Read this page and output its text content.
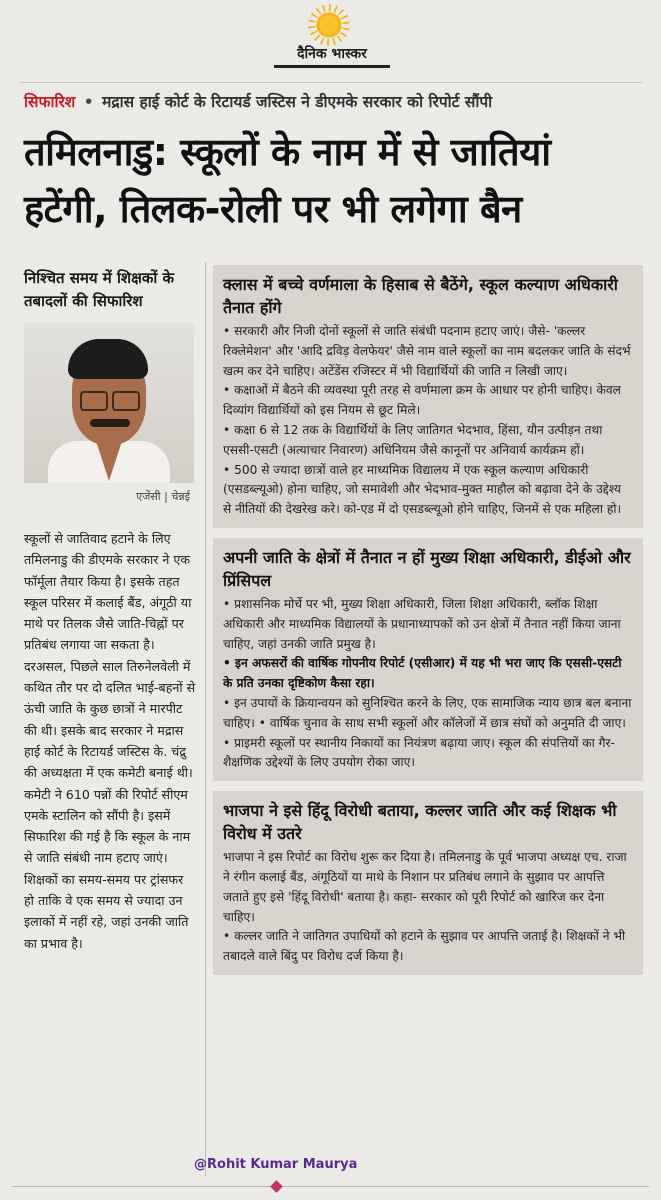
दैनिक भास्कर
सिफारिश • मद्रास हाई कोर्ट के रिटायर्ड जस्टिस ने डीएमके सरकार को रिपोर्ट सौंपी
तमिलनाडु: स्कूलों के नाम में से जातियां
हटेंगी, तिलक-रोली पर भी लगेगा बैन
निश्चित समय में शिक्षकों के तबादलों की सिफारिश
एजेंसी | चेन्नई
स्कूलों से जातिवाद हटाने के लिए तमिलनाडु की डीएमके सरकार ने एक फॉर्मूला तैयार किया है। इसके तहत स्कूल परिसर में कलाई बैंड, अंगूठी या माथे पर तिलक जैसे जाति-चिह्नों पर प्रतिबंध लगाया जा सकता है। दरअसल, पिछले साल तिरुनेलवेली में कथित तौर पर दो दलित भाई-बहनों से ऊंची जाति के कुछ छात्रों ने मारपीट की थी। इसके बाद सरकार ने मद्रास हाई कोर्ट के रिटायर्ड जस्टिस के. चंद्रु की अध्यक्षता में एक कमेटी बनाई थी। कमेटी ने 610 पन्नों की रिपोर्ट सीएम एमके स्टालिन को सौंपी है। इसमें सिफारिश की गई है कि स्कूल के नाम से जाति संबंधी नाम हटाए जाएं। शिक्षकों का समय-समय पर ट्रांसफर हो ताकि वे एक समय से ज्यादा उन इलाकों में नहीं रहे, जहां उनकी जाति का प्रभाव है।
क्लास में बच्चे वर्णमाला के हिसाब से बैठेंगे, स्कूल कल्याण अधिकारी तैनात होंगे

• सरकारी और निजी दोनों स्कूलों से जाति संबंधी पदनाम हटाए जाएं। जैसे- 'कल्लर रिक्लेमेशन' और 'आदि द्रविड़ वेलफेयर' जैसे नाम वाले स्कूलों का नाम बदलकर जाति के संदर्भ खत्म कर देने चाहिए। अटेंडेंस रजिस्टर में भी विद्यार्थियों की जाति न लिखी जाए।

• कक्षाओं में बैठने की व्यवस्था पूरी तरह से वर्णमाला क्रम के आधार पर होनी चाहिए। केवल दिव्यांग विद्यार्थियों को इस नियम से छूट मिले।

• कक्षा 6 से 12 तक के विद्यार्थियों के लिए जातिगत भेदभाव, हिंसा, यौन उत्पीड़न तथा एससी-एसटी (अत्याचार निवारण) अधिनियम जैसे कानूनों पर अनिवार्य कार्यक्रम हों।

• 500 से ज्यादा छात्रों वाले हर माध्यमिक विद्यालय में एक स्कूल कल्याण अधिकारी (एसडब्ल्यूओ) होना चाहिए, जो समावेशी और भेदभाव-मुक्त माहौल को बढ़ावा देने के उद्देश्य से नीतियों की देखरेख करे। को-एड में दो एसडब्ल्यूओ होने चाहिए, जिनमें से एक महिला हो।

अपनी जाति के क्षेत्रों में तैनात न हों मुख्य शिक्षा अधिकारी, डीईओ और प्रिंसिपल

• प्रशासनिक मोर्चे पर भी, मुख्य शिक्षा अधिकारी, जिला शिक्षा अधिकारी, ब्लॉक शिक्षा अधिकारी और माध्यमिक विद्यालयों के प्रधानाध्यापकों को उन क्षेत्रों में तैनात नहीं किया जाना चाहिए, जहां उनकी जाति प्रमुख है।

• इन अफसरों की वार्षिक गोपनीय रिपोर्ट (एसीआर) में यह भी भरा जाए कि एससी-एसटी के प्रति उनका दृष्टिकोण कैसा रहा।

• इन उपायों के क्रियान्वयन को सुनिश्चित करने के लिए, एक सामाजिक न्याय छात्र बल बनाना चाहिए। • वार्षिक चुनाव के साथ सभी स्कूलों और कॉलेजों में छात्र संघों को अनुमति दी जाए। • प्राइमरी स्कूलों पर स्थानीय निकायों का नियंत्रण बढ़ाया जाए। स्कूल की संपत्तियों का गैर-शैक्षणिक उद्देश्यों के लिए उपयोग रोका जाए।

भाजपा ने इसे हिंदू विरोधी बताया, कल्लर जाति और कई शिक्षक भी विरोध में उतरे

भाजपा ने इस रिपोर्ट का विरोध शुरू कर दिया है। तमिलनाडु के पूर्व भाजपा अध्यक्ष एच. राजा ने रंगीन कलाई बैंड, अंगूठियों या माथे के निशान पर प्रतिबंध लगाने के सुझाव पर आपत्ति जताते हुए इसे 'हिंदू विरोधी' बताया है। कहा- सरकार को पूरी रिपोर्ट को खारिज कर देना चाहिए।

• कल्लर जाति ने जातिगत उपाधियों को हटाने के सुझाव पर आपत्ति जताई है। शिक्षकों ने भी तबादले वाले बिंदु पर विरोध दर्ज किया है।

@Rohit Kumar Maurya
